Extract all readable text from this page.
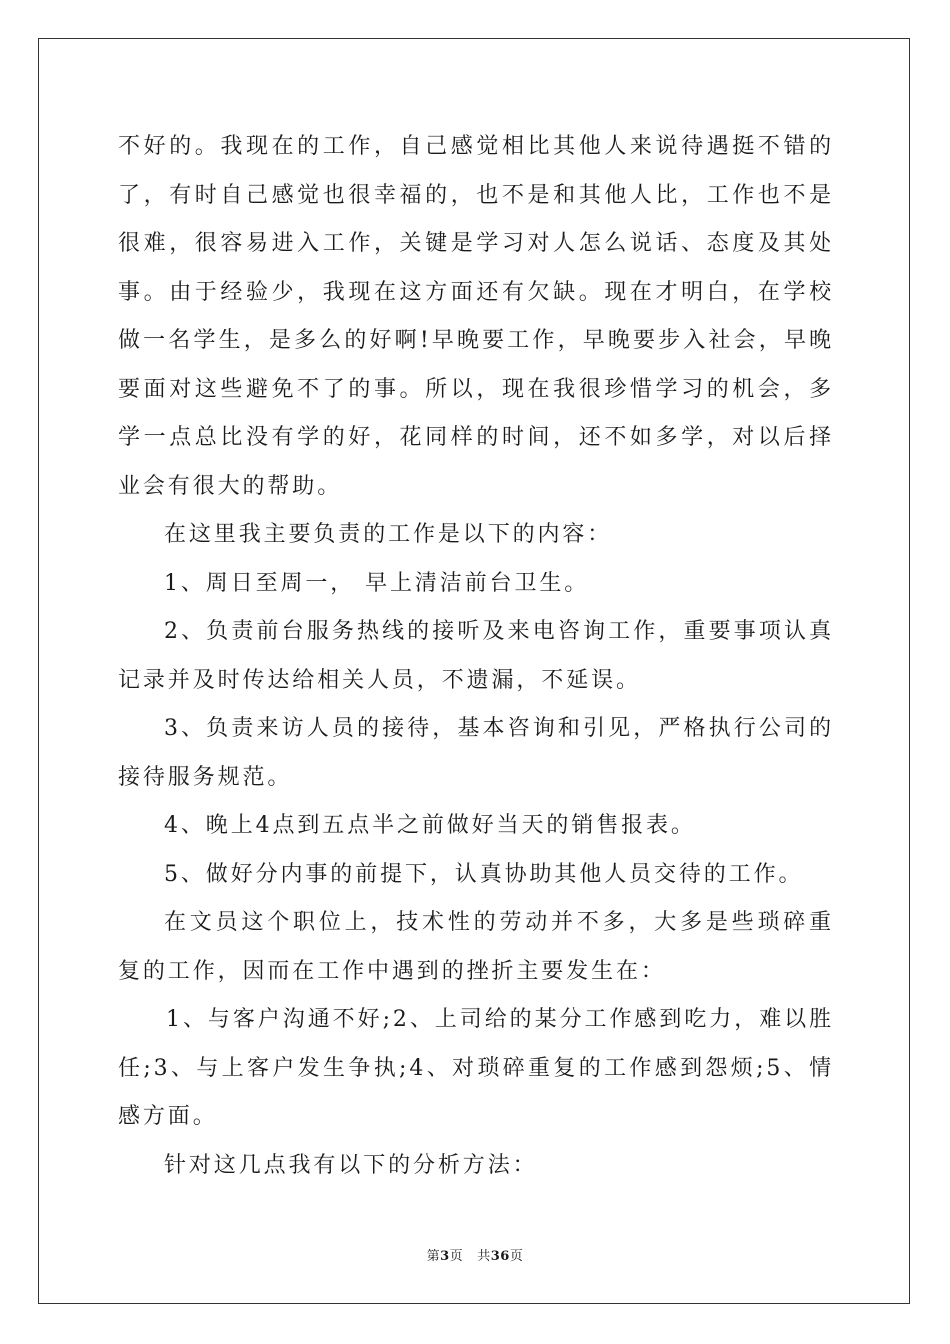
不好的。我现在的工作，自己感觉相比其他人来说待遇挺不错的了，有时自己感觉也很幸福的，也不是和其他人比，工作也不是很难，很容易进入工作，关键是学习对人怎么说话、态度及其处事。由于经验少，我现在这方面还有欠缺。现在才明白，在学校做一名学生，是多么的好啊!早晚要工作，早晚要步入社会，早晚要面对这些避免不了的事。所以，现在我很珍惜学习的机会，多学一点总比没有学的好，花同样的时间，还不如多学，对以后择业会有很大的帮助。

在这里我主要负责的工作是以下的内容：

1、周日至周一， 早上清洁前台卫生。

2、负责前台服务热线的接听及来电咨询工作，重要事项认真记录并及时传达给相关人员，不遗漏，不延误。

3、负责来访人员的接待，基本咨询和引见，严格执行公司的接待服务规范。

4、晚上4点到五点半之前做好当天的销售报表。

5、做好分内事的前提下，认真协助其他人员交待的工作。

在文员这个职位上，技术性的劳动并不多，大多是些琐碎重复的工作，因而在工作中遇到的挫折主要发生在：

1、与客户沟通不好;2、上司给的某分工作感到吃力，难以胜任;3、与上客户发生争执;4、对琐碎重复的工作感到怨烦;5、情感方面。

针对这几点我有以下的分析方法：

第3页 共36页
